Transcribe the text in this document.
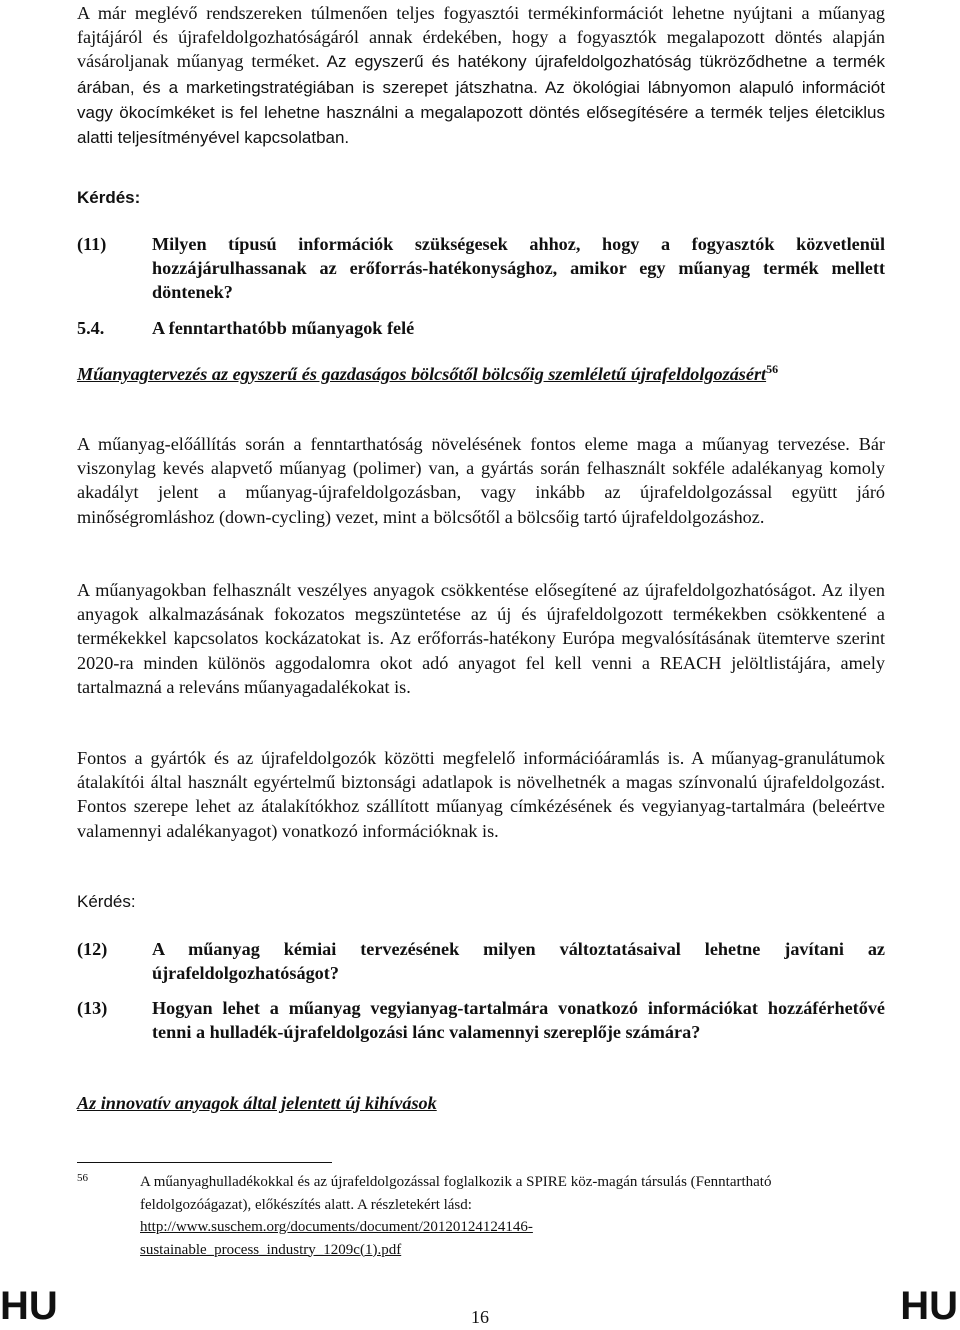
A már meglévő rendszereken túlmenően teljes fogyasztói termékinformációt lehetne nyújtani a műanyag fajtájáról és újrafeldolgozhatóságáról annak érdekében, hogy a fogyasztók megalapozott döntés alapján vásároljanak műanyag terméket. Az egyszerű és hatékony újrafeldolgozhatóság tükröződhetne a termék árában, és a marketingstratégiában is szerepet játszhatna. Az ökológiai lábnyomon alapuló információt vagy ökocímkéket is fel lehetne használni a megalapozott döntés elősegítésére a termék teljes életciklus alatti teljesítményével kapcsolatban.
Kérdés:
(11)	Milyen típusú információk szükségesek ahhoz, hogy a fogyasztók közvetlenül hozzájárulhassanak az erőforrás-hatékonysághoz, amikor egy műanyag termék mellett döntenek?
5.4.	A fenntarthatóbb műanyagok felé
Műanyagtervezés az egyszerű és gazdaságos bölcsőtől bölcsőig szemléletű újrafeldolgozásért$^{56}$
A műanyag-előállítás során a fenntarthatóság növelésének fontos eleme maga a műanyag tervezése. Bár viszonylag kevés alapvető műanyag (polimer) van, a gyártás során felhasznált sokféle adalékanyag komoly akadályt jelent a műanyag-újrafeldolgozásban, vagy inkább az újrafeldolgozással együtt járó minőségromláshoz (down-cycling) vezet, mint a bölcsőtől a bölcsőig tartó újrafeldolgozáshoz.
A műanyagokban felhasznált veszélyes anyagok csökkentése elősegítené az újrafeldolgozhatóságot. Az ilyen anyagok alkalmazásának fokozatos megszüntetése az új és újrafeldolgozott termékekben csökkentené a termékekkel kapcsolatos kockázatokat is. Az erőforrás-hatékony Európa megvalósításának ütemterve szerint 2020-ra minden különös aggodalomra okot adó anyagot fel kell venni a REACH jelöltlistájára, amely tartalmazná a releváns műanyagadalékokat is.
Fontos a gyártók és az újrafeldolgozók közötti megfelelő információáramlás is. A műanyag-granulátumok átalakítói által használt egyértelmű biztonsági adatlapok is növelhetnék a magas színvonalú újrafeldolgozást. Fontos szerepe lehet az átalakítókhoz szállított műanyag címkézésének és vegyianyag-tartalmára (beleértve valamennyi adalékanyagot) vonatkozó információknak is.
Kérdés:
(12)	A műanyag kémiai tervezésének milyen változtatásaival lehetne javítani az újrafeldolgozhatóságot?
(13)	Hogyan lehet a műanyag vegyianyag-tartalmára vonatkozó információkat hozzáférhetővé tenni a hulladék-újrafeldolgozási lánc valamennyi szereplője számára?
Az innovatív anyagok által jelentett új kihívások
56	A műanyaghulladékokkal és az újrafeldolgozással foglalkozik a SPIRE köz-magán társulás (Fenntartható feldolgozóágazat), előkészítés alatt. A részletekért lásd:
http://www.suschem.org/documents/document/20120124124146-
sustainable_process_industry_1209c(1).pdf
HU	16	HU
